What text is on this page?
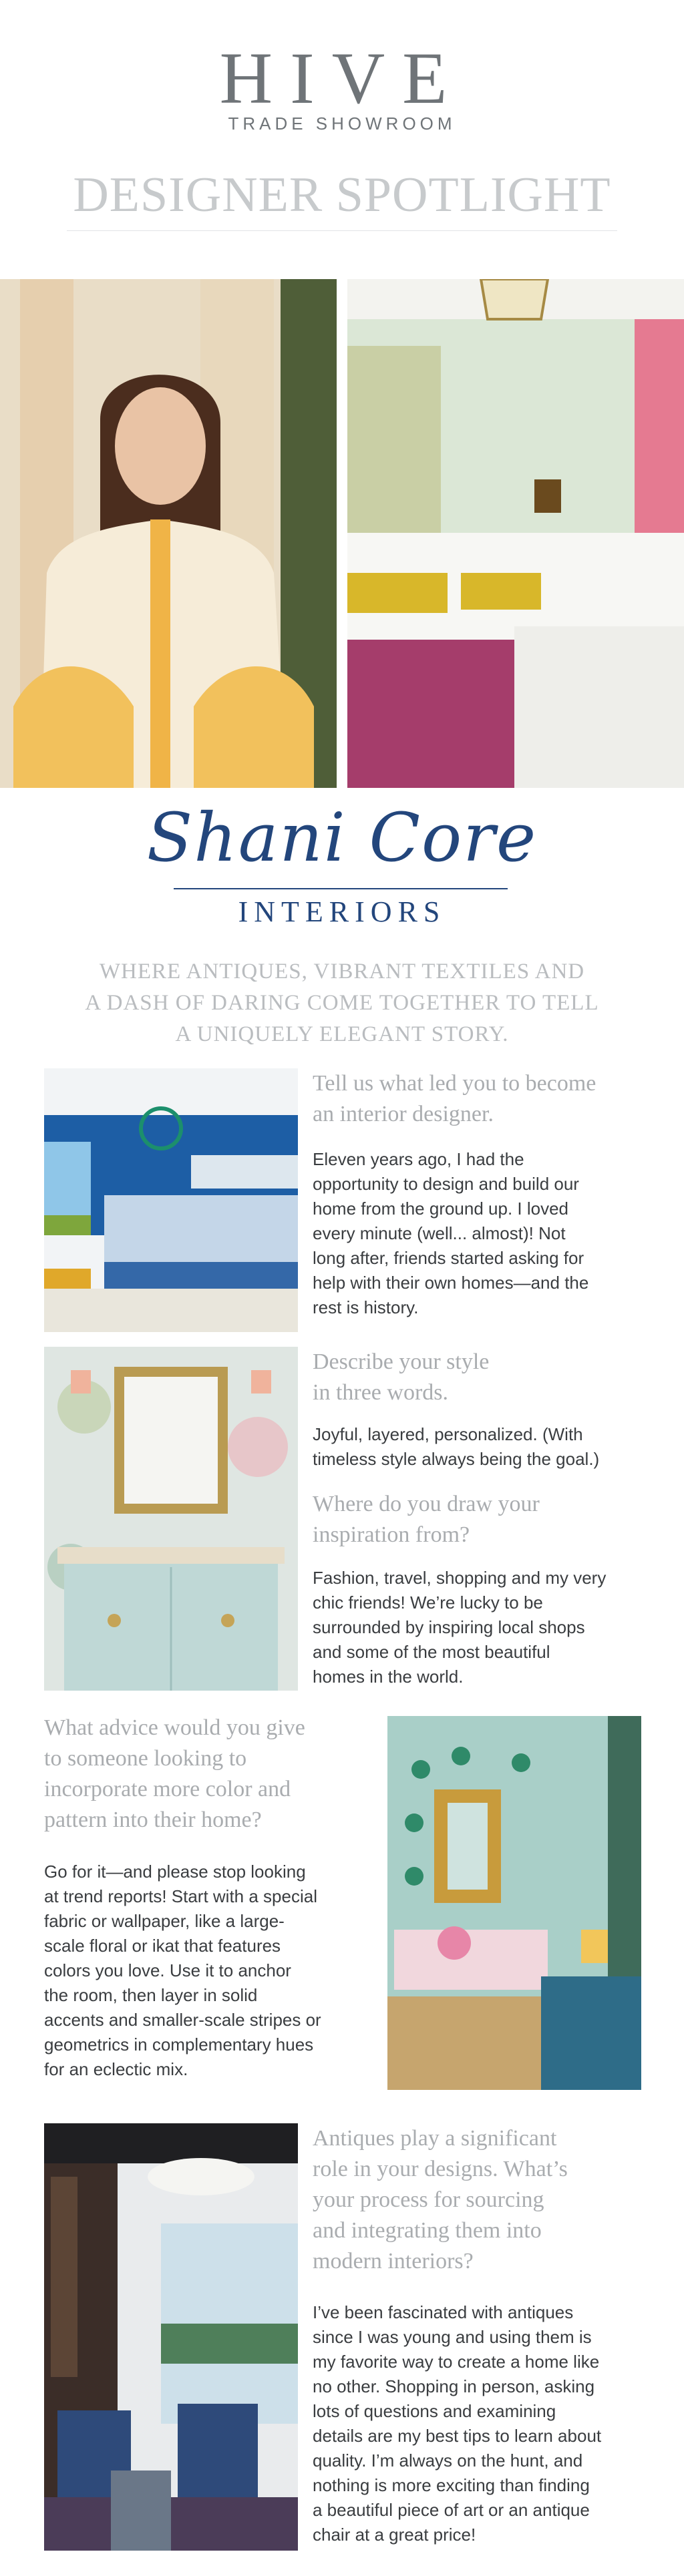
HIVE
TRADE SHOWROOM
DESIGNER SPOTLIGHT
Shani Core
INTERIORS
WHERE ANTIQUES, VIBRANT TEXTILES AND
A DASH OF DARING COME TOGETHER TO TELL
A UNIQUELY ELEGANT STORY.
Tell us what led you to become
an interior designer.
Eleven years ago, I had the
opportunity to design and build our
home from the ground up. I loved
every minute (well... almost)! Not
long after, friends started asking for
help with their own homes—and the
rest is history.
Describe your style
in three words.
Joyful, layered, personalized. (With
timeless style always being the goal.)
Where do you draw your
inspiration from?
Fashion, travel, shopping and my very
chic friends! We’re lucky to be
surrounded by inspiring local shops
and some of the most beautiful
homes in the world.
What advice would you give
to someone looking to
incorporate more color and
pattern into their home?
Go for it—and please stop looking
at trend reports! Start with a special
fabric or wallpaper, like a large-
scale floral or ikat that features
colors you love. Use it to anchor
the room, then layer in solid
accents and smaller-scale stripes or
geometrics in complementary hues
for an eclectic mix.
Antiques play a significant
role in your designs. What’s
your process for sourcing
and integrating them into
modern interiors?
I’ve been fascinated with antiques
since I was young and using them is
my favorite way to create a home like
no other. Shopping in person, asking
lots of questions and examining
details are my best tips to learn about
quality. I’m always on the hunt, and
nothing is more exciting than finding
a beautiful piece of art or an antique
chair at a great price!
